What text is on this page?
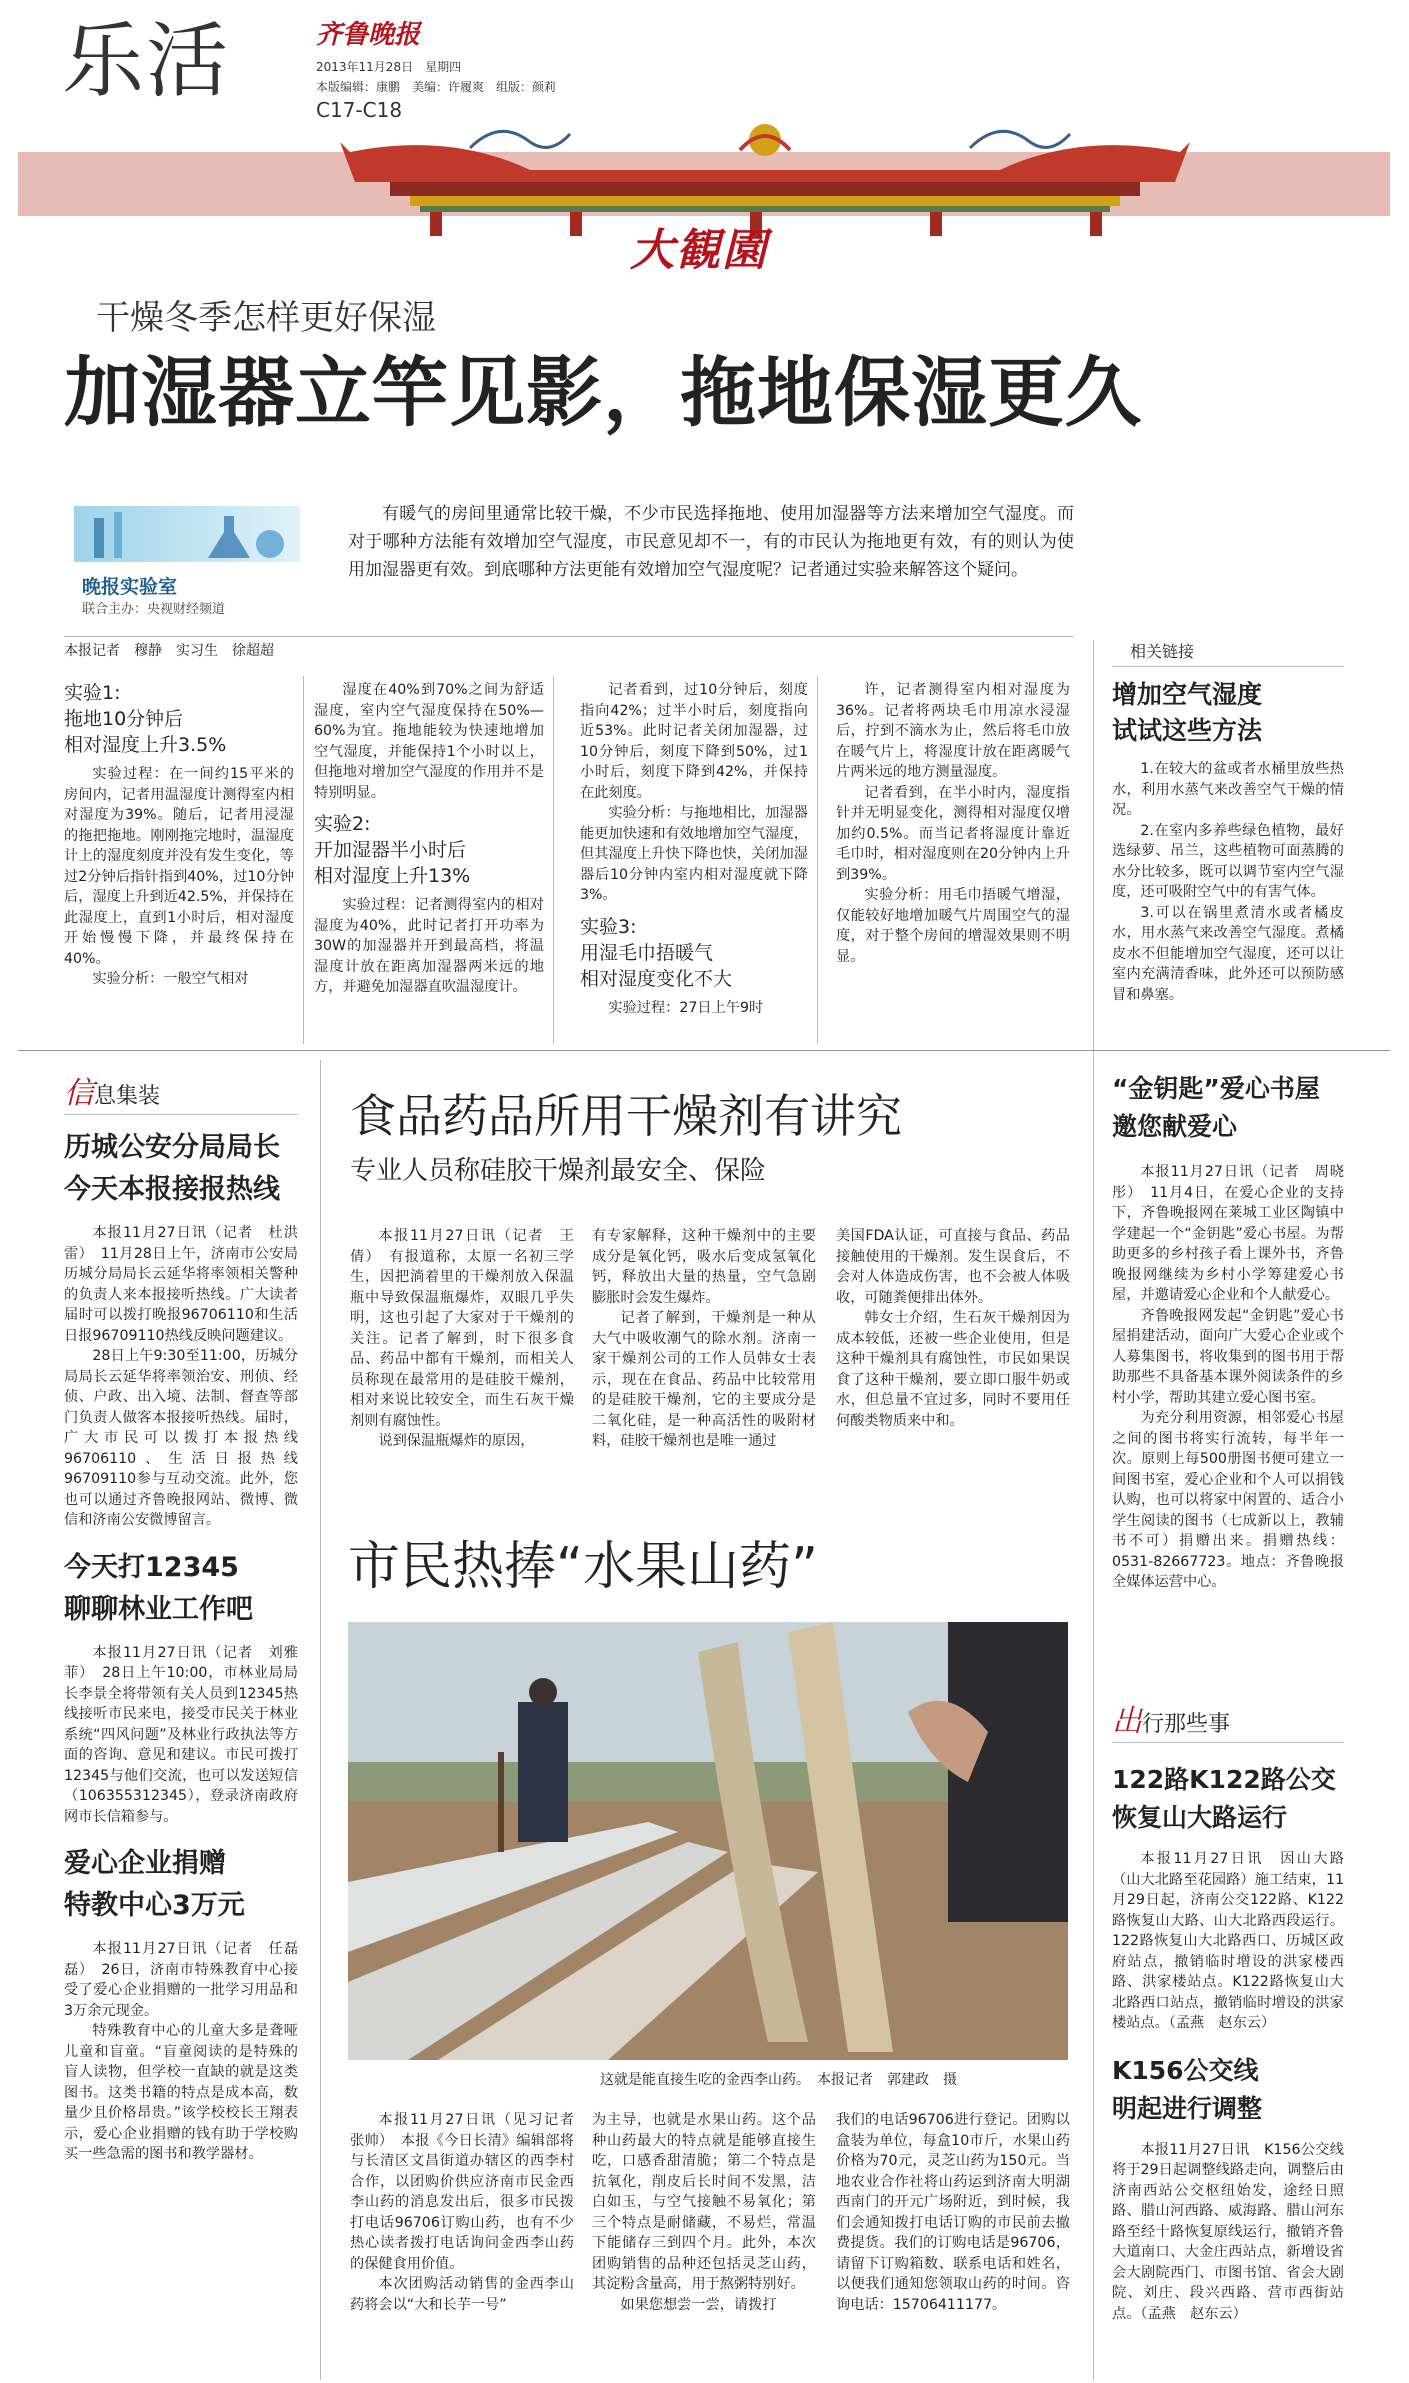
乐活	齐鲁晚报
2013年11月28日　 星期四
本版编辑：康鹏　美编：许履爽　组版：颜莉
C17-C18
大観園
干燥冬季怎样更好保湿
加湿器立竿见影，拖地保湿更久
晚报实验室
联合主办：央视财经频道

有暖气的房间里通常比较干燥，不少市民选择拖地、使用加湿器等方法来增加空气湿度。而对于哪种方法能有效增加空气湿度，市民意见却不一，有的市民认为拖地更有效，有的则认为使用加湿器更有效。到底哪种方法更能有效增加空气湿度呢？记者通过实验来解答这个疑问。

本报记者　穆静　实习生　徐超超
实验1:
拖地10分钟后
相对湿度上升3.5%

实验过程：在一间约15平米的房间内，记者用温湿度计测得室内相对湿度为39%。随后，记者用浸湿的拖把拖地。刚刚拖完地时，温湿度计上的湿度刻度并没有发生变化，等过2分钟后指针指到40%，过10分钟后，湿度上升到近42.5%，并保持在此湿度上，直到1小时后，相对湿度开始慢慢下降，并最终保持在40%。

实验分析：一般空气相对

湿度在40%到70%之间为舒适湿度，室内空气湿度保持在50%—60%为宜。拖地能较为快速地增加空气湿度，并能保持1个小时以上，但拖地对增加空气湿度的作用并不是特别明显。

实验2:
开加湿器半小时后
相对湿度上升13%

实验过程：记者测得室内的相对湿度为40%，此时记者打开功率为30W的加湿器并开到最高档，将温湿度计放在距离加湿器两米远的地方，并避免加湿器直吹温湿度计。

记者看到，过10分钟后，刻度指向42%；过半小时后，刻度指向近53%。此时记者关闭加湿器，过10分钟后，刻度下降到50%，过1小时后，刻度下降到42%，并保持在此刻度。

实验分析：与拖地相比，加湿器能更加快速和有效地增加空气湿度，但其湿度上升快下降也快，关闭加湿器后10分钟内室内相对湿度就下降3%。

实验3:
用湿毛巾捂暖气
相对湿度变化不大

实验过程：27日上午9时

许，记者测得室内相对湿度为36%。记者将两块毛巾用凉水浸湿后，拧到不滴水为止，然后将毛巾放在暖气片上，将湿度计放在距离暖气片两米远的地方测量湿度。

记者看到，在半小时内，湿度指针并无明显变化，测得相对湿度仅增加约0.5%。而当记者将湿度计靠近毛巾时，相对湿度则在20分钟内上升到39%。

实验分析：用毛巾捂暖气增湿，仅能较好地增加暖气片周围空气的湿度，对于整个房间的增湿效果则不明显。

相关链接
增加空气湿度
试试这些方法

1.在较大的盆或者水桶里放些热水，利用水蒸气来改善空气干燥的情况。

2.在室内多养些绿色植物，最好选绿萝、吊兰，这些植物可面蒸腾的水分比较多，既可以调节室内空气湿度，还可吸附空气中的有害气体。

3.可以在锅里煮清水或者橘皮水，用水蒸气来改善空气湿度。煮橘皮水不但能增加空气湿度，还可以让室内充满清香味，此外还可以预防感冒和鼻塞。

信息集装
历城公安分局局长
今天本报接报热线

本报11月27日讯（记者　杜洪雷）　11月28日上午，济南市公安局历城分局局长云延华将率领相关警种的负责人来本报接听热线。广大读者届时可以拨打晚报96706110和生活日报96709110热线反映问题建议。

28日上午9:30至11:00，历城分局局长云延华将率领治安、刑侦、经侦、户政、出入境、法制、督查等部门负责人做客本报接听热线。届时，广大市民可以拨打本报热线96706110、生活日报热线96709110参与互动交流。此外，您也可以通过齐鲁晚报网站、微博、微信和济南公安微博留言。

今天打12345
聊聊林业工作吧

本报11月27日讯（记者　刘雅菲）　28日上午10:00，市林业局局长李景全将带领有关人员到12345热线接听市民来电，接受市民关于林业系统“四风问题”及林业行政执法等方面的咨询、意见和建议。市民可拨打12345与他们交流，也可以发送短信（106355312345），登录济南政府网市长信箱参与。

爱心企业捐赠
特教中心3万元

本报11月27日讯（记者　任磊磊）　26日，济南市特殊教育中心接受了爱心企业捐赠的一批学习用品和3万余元现金。

特殊教育中心的儿童大多是聋哑儿童和盲童。“盲童阅读的是特殊的盲人读物，但学校一直缺的就是这类图书。这类书籍的特点是成本高，数量少且价格昂贵。”该学校校长王翔表示，爱心企业捐赠的钱有助于学校购买一些急需的图书和教学器材。

食品药品所用干燥剂有讲究
专业人员称硅胶干燥剂最安全、保险

本报11月27日讯（记者　王倩）　有报道称，太原一名初三学生，因把淌着里的干燥剂放入保温瓶中导致保温瓶爆炸，双眼几乎失明，这也引起了大家对于干燥剂的关注。记者了解到，时下很多食品、药品中都有干燥剂，而相关人员称现在最常用的是硅胶干燥剂，相对来说比较安全，而生石灰干燥剂则有腐蚀性。

说到保温瓶爆炸的原因，

有专家解释，这种干燥剂中的主要成分是氧化钙，吸水后变成氢氧化钙，释放出大量的热量，空气急剧膨胀时会发生爆炸。

记者了解到，干燥剂是一种从大气中吸收潮气的除水剂。济南一家干燥剂公司的工作人员韩女士表示，现在在食品、药品中比较常用的是硅胶干燥剂，它的主要成分是二氧化硅，是一种高活性的吸附材料，硅胶干燥剂也是唯一通过

美国FDA认证，可直接与食品、药品接触使用的干燥剂。发生误食后，不会对人体造成伤害，也不会被人体吸收，可随粪便排出体外。

韩女士介绍，生石灰干燥剂因为成本较低，还被一些企业使用，但是这种干燥剂具有腐蚀性，市民如果误食了这种干燥剂，要立即口服牛奶或水，但总量不宜过多，同时不要用任何酸类物质来中和。

市民热捧“水果山药”
这就是能直接生吃的金西李山药。　本报记者　郭建政　摄

本报11月27日讯（见习记者　张帅）　本报《今日长清》编辑部将与长清区文昌街道办辖区的西李村合作，以团购价供应济南市民金西李山药的消息发出后，很多市民拨打电话96706订购山药，也有不少热心读者拨打电话询问金西李山药的保健食用价值。

本次团购活动销售的金西李山药将会以“大和长芋一号”

为主导，也就是水果山药。这个品种山药最大的特点就是能够直接生吃，口感香甜清脆；第二个特点是抗氧化，削皮后长时间不发黑，洁白如玉，与空气接触不易氧化；第三个特点是耐储藏，不易烂，常温下能储存三到四个月。此外，本次团购销售的品种还包括灵芝山药，其淀粉含量高，用于熬粥特别好。

如果您想尝一尝，请拨打

我们的电话96706进行登记。团购以盒装为单位，每盒10市斤，水果山药价格为70元，灵芝山药为150元。当地农业合作社将山药运到济南大明湖西南门的开元广场附近，到时候，我们会通知拨打电话订购的市民前去撤费提货。我们的订购电话是96706，请留下订购箱数、联系电话和姓名，以便我们通知您领取山药的时间。咨询电话：15706411177。

“金钥匙”爱心书屋
邀您献爱心

本报11月27日讯（记者　周晓彤）　11月4日，在爱心企业的支持下，齐鲁晚报网在莱城工业区陶镇中学建起一个“金钥匙”爱心书屋。为帮助更多的乡村孩子看上课外书，齐鲁晚报网继续为乡村小学筹建爱心书屋，并邀请爱心企业和个人献爱心。

齐鲁晚报网发起“金钥匙”爱心书屋捐建活动，面向广大爱心企业或个人募集图书，将收集到的图书用于帮助那些不具备基本课外阅读条件的乡村小学，帮助其建立爱心图书室。

为充分利用资源，相邻爱心书屋之间的图书将实行流转，每半年一次。原则上每500册图书便可建立一间图书室，爱心企业和个人可以捐钱认购，也可以将家中闲置的、适合小学生阅读的图书（七成新以上，教辅书不可）捐赠出来。捐赠热线：0531-82667723。地点：齐鲁晚报全媒体运营中心。

出行那些事
122路K122路公交
恢复山大路运行

本报11月27日讯　因山大路（山大北路至花园路）施工结束，11月29日起，济南公交122路、K122路恢复山大路、山大北路西段运行。122路恢复山大北路西口、历城区政府站点，撤销临时增设的洪家楼西路、洪家楼站点。K122路恢复山大北路西口站点，撤销临时增设的洪家楼站点。（孟燕　赵东云）

K156公交线
明起进行调整

本报11月27日讯　K156公交线将于29日起调整线路走向，调整后由济南西站公交枢纽始发，途经日照路、腊山河西路、威海路、腊山河东路至经十路恢复原线运行，撤销齐鲁大道南口、大金庄西站点，新增设省会大剧院西门、市图书馆、省会大剧院、刘庄、段兴西路、营市西街站点。（孟燕　赵东云）
